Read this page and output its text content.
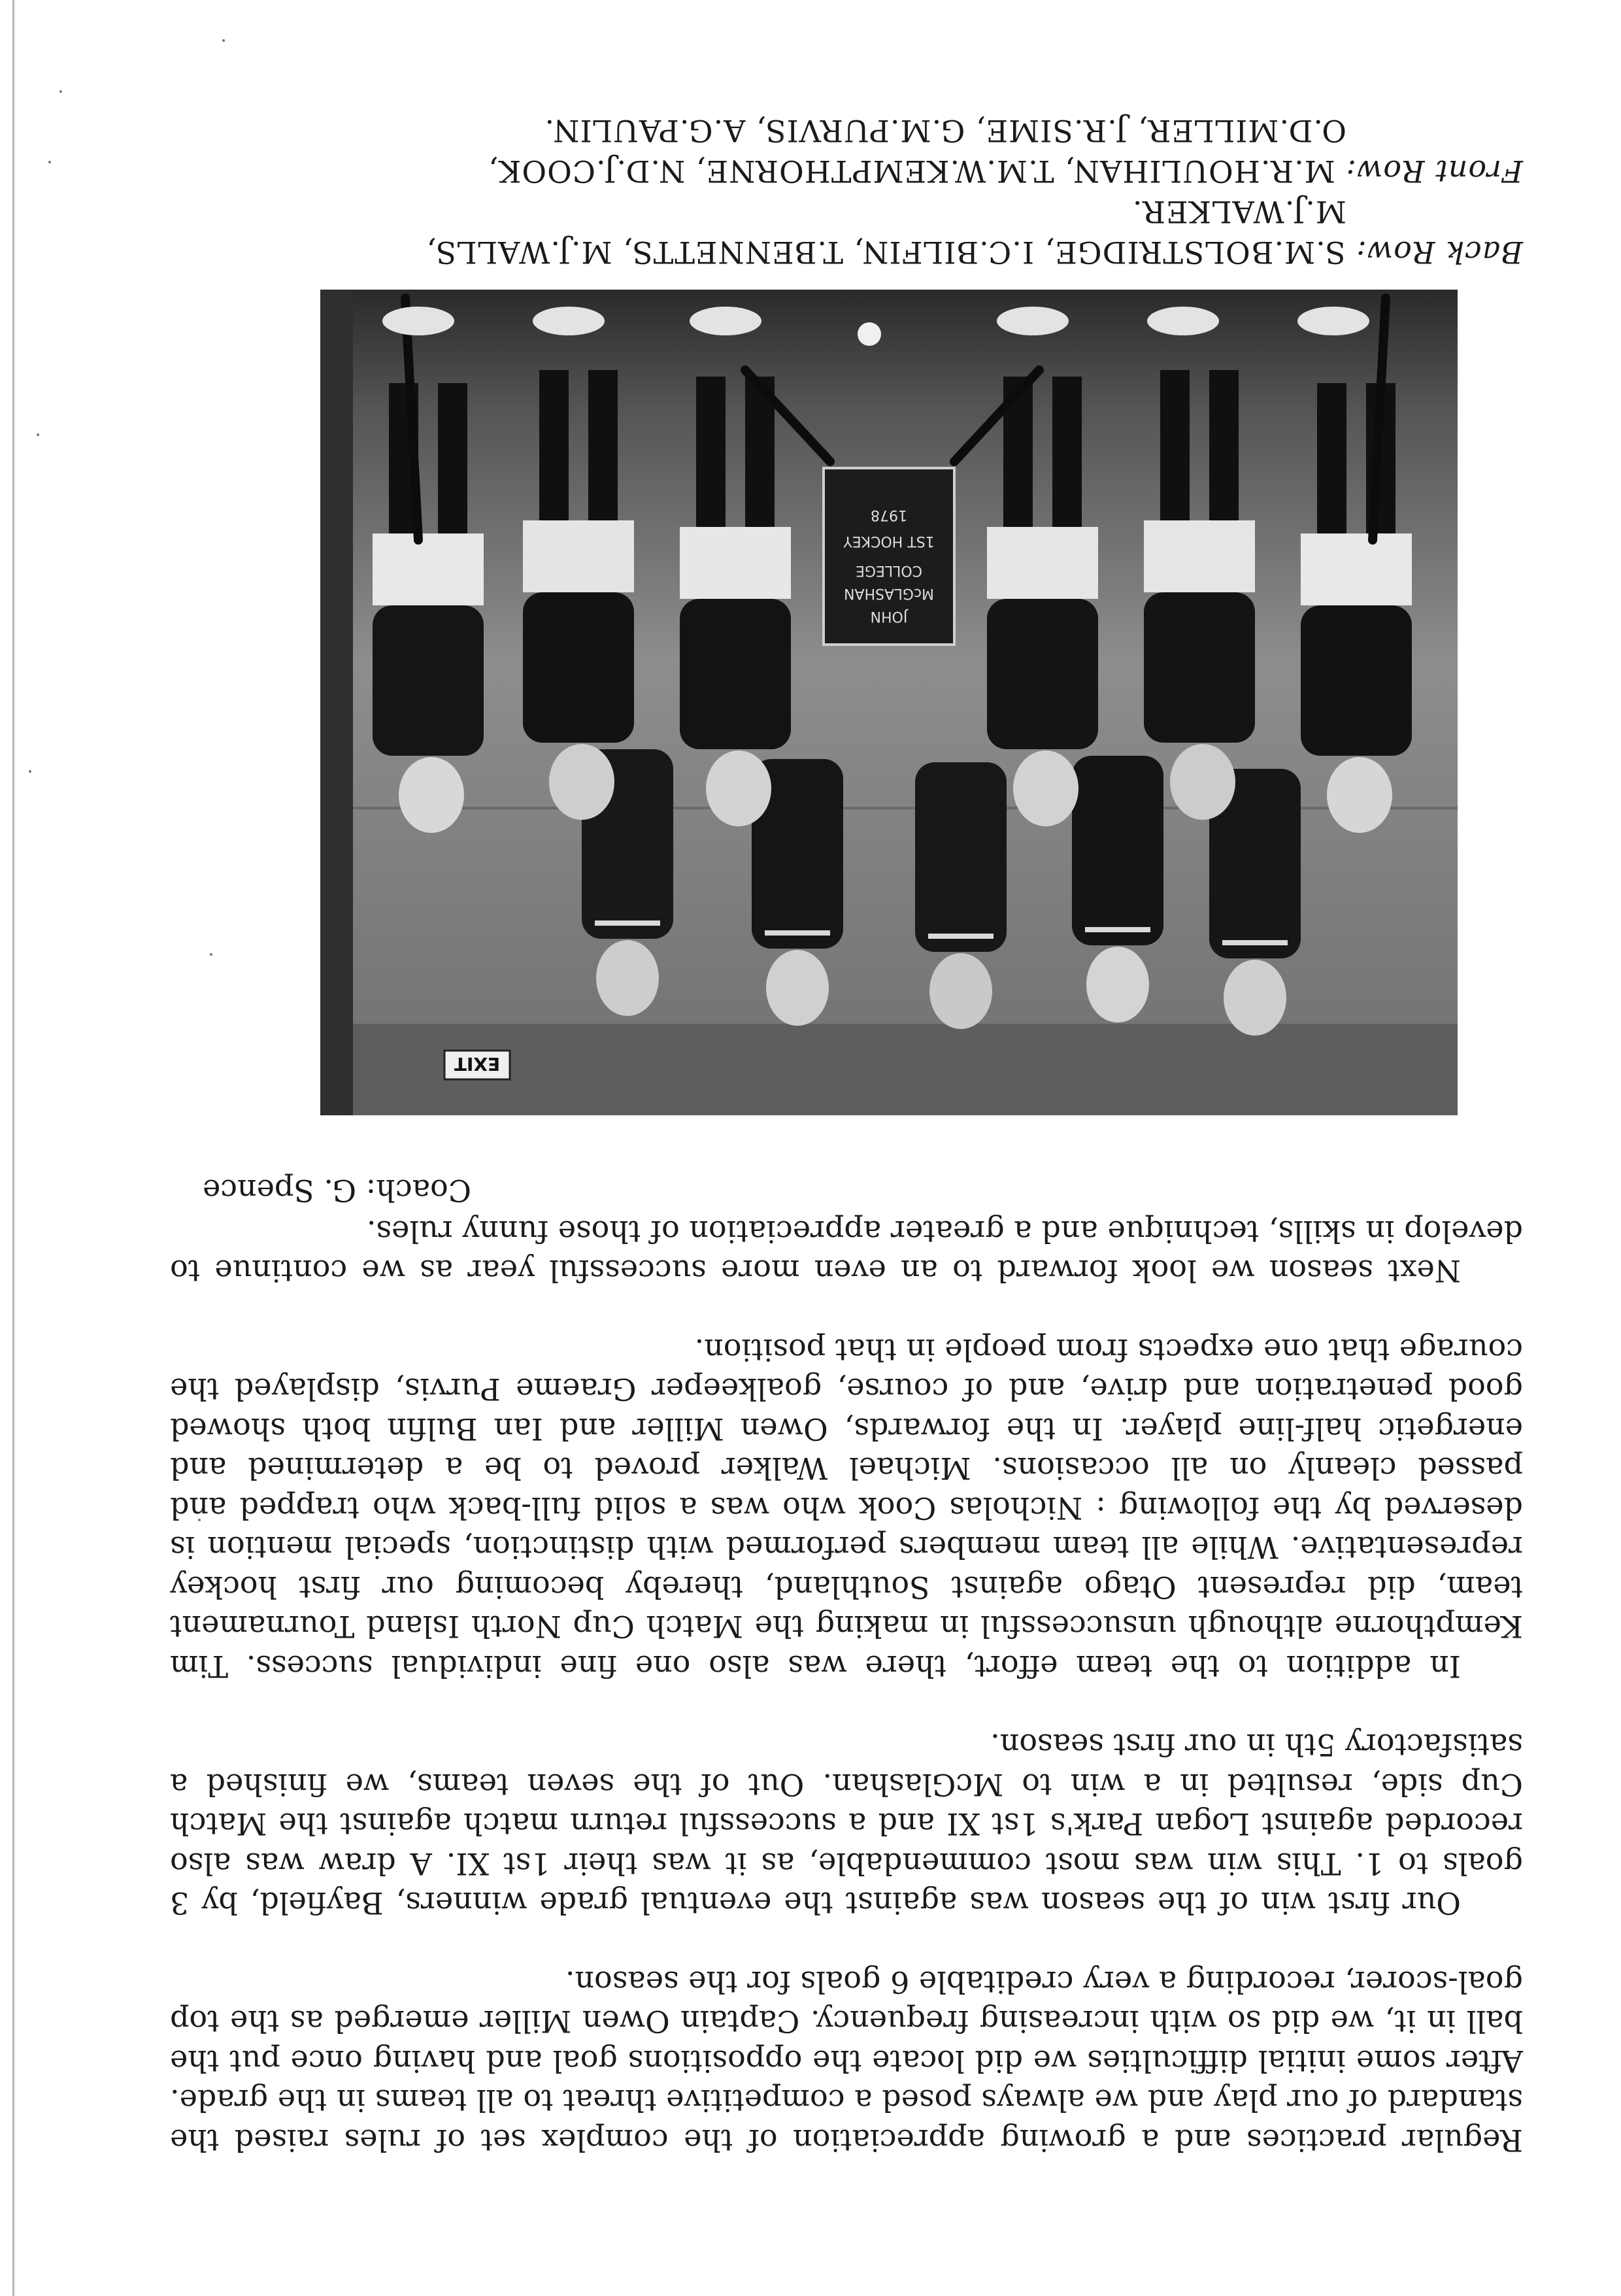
Regular practices and a growing appreciation of the complex set of rules raised the standard of our play and we always posed a competitive threat to all teams in the grade. After some initial difficulties we did locate the oppositions goal and having once put the ball in it, we did so with increasing frequency. Captain Owen Miller emerged as the top goal-scorer, recording a very creditable 6 goals for the season.

Our first win of the season was against the eventual grade winners, Bayfield, by 3 goals to 1. This win was most commendable, as it was their 1st XI. A draw was also recorded against Logan Park's 1st XI and a successful return match against the Match Cup side, resulted in a win to McGlashan. Out of the seven teams, we finished a satisfactory 5th in our first season.

In addition to the team effort, there was also one fine individual success. Tim Kempthorne although unsuccessful in making the Match Cup North Island Tournament team, did represent Otago against Southland, thereby becoming our first hockey representative. While all team members performed with distinction, special mention is deserved by the following : Nicholas Cook who was a solid full-back who trapped and passed cleanly on all occasions. Michael Walker proved to be a determined and energetic half-line player. In the forwards, Owen Miller and Ian Bulfin both showed good penetration and drive, and of course, goalkeeper Graeme Purvis, displayed the courage that one expects from people in that position.

Next season we look forward to an even more successful year as we continue to develop in skills, technique and a greater appreciation of those funny rules.

Coach: G. Spence
EXIT
JOHN
McGLASHAN
COLLEGE
1ST HOCKEY
1978
Back Row: S.M.BOLSTRIDGE, I.C.BILFIN, T.BENNETTS, M.J.WALLS,
M.J.WALKER.
Front Row: M.R.HOULIHAN, T.M.W.KEMPTHORNE, N.D.J.COOK,
O.D.MILLER, J.R.SIME, G.M.PURVIS, A.G.PAULIN.
